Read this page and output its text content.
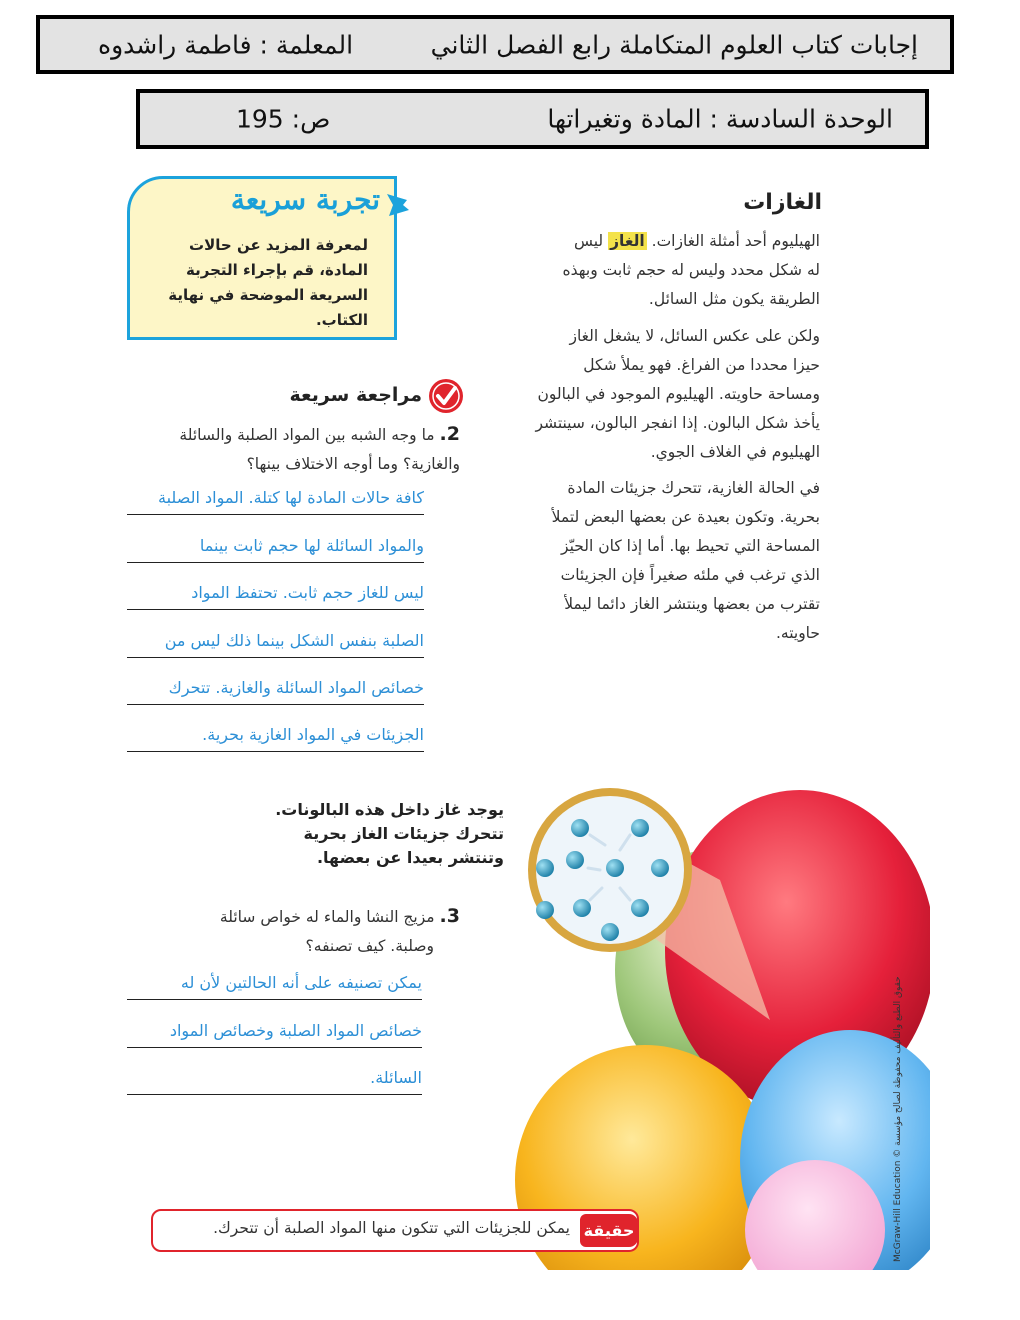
إجابات كتاب العلوم المتكاملة رابع الفصل الثاني
المعلمة : فاطمة راشدوه
الوحدة السادسة : المادة وتغيراتها
ص: 195
الغازات
الهيليوم أحد أمثلة الغازات. الغاز ليس
له شكل محدد وليس له حجم ثابت وبهذه
الطريقة يكون مثل السائل.
ولكن على عكس السائل، لا يشغل الغاز
حيزا محددا من الفراغ. فهو يملأ شكل
ومساحة حاويته. الهيليوم الموجود في البالون
يأخذ شكل البالون. إذا انفجر البالون، سينتشر
الهيليوم في الغلاف الجوي.
في الحالة الغازية، تتحرك جزيئات المادة
بحرية. وتكون بعيدة عن بعضها البعض لتملأ
المساحة التي تحيط بها. أما إذا كان الحيّز
الذي ترغب في ملئه صغيراً فإن الجزيئات
تقترب من بعضها وينتشر الغاز دائما ليملأ
حاويته.
تجربة سريعة
لمعرفة المزيد عن حالات
المادة، قم بإجراء التجربة
السريعة الموضحة في نهاية
الكتاب.
مراجعة سريعة
2. ما وجه الشبه بين المواد الصلبة والسائلة
والغازية؟ وما أوجه الاختلاف بينها؟
كافة حالات المادة لها كتلة. المواد الصلبة
والمواد السائلة لها حجم ثابت بينما
ليس للغاز حجم ثابت. تحتفظ المواد
الصلبة بنفس الشكل بينما ذلك ليس من
خصائص المواد السائلة والغازية. تتحرك
الجزيئات في المواد الغازية بحرية.
يوجد غاز داخل هذه البالونات.
تتحرك جزيئات الغاز بحرية
وتنتشر بعيدا عن بعضها.
3. مزيج النشا والماء له خواص سائلة
وصلبة. كيف تصنفه؟
يمكن تصنيفه على أنه الحالتين لأن له
خصائص المواد الصلبة وخصائص المواد
السائلة.
McGraw-Hill Education © حقوق الطبع والتأليف محفوظة لصالح مؤسسة
حقيقة
يمكن للجزيئات التي تتكون منها المواد الصلبة أن تتحرك.
